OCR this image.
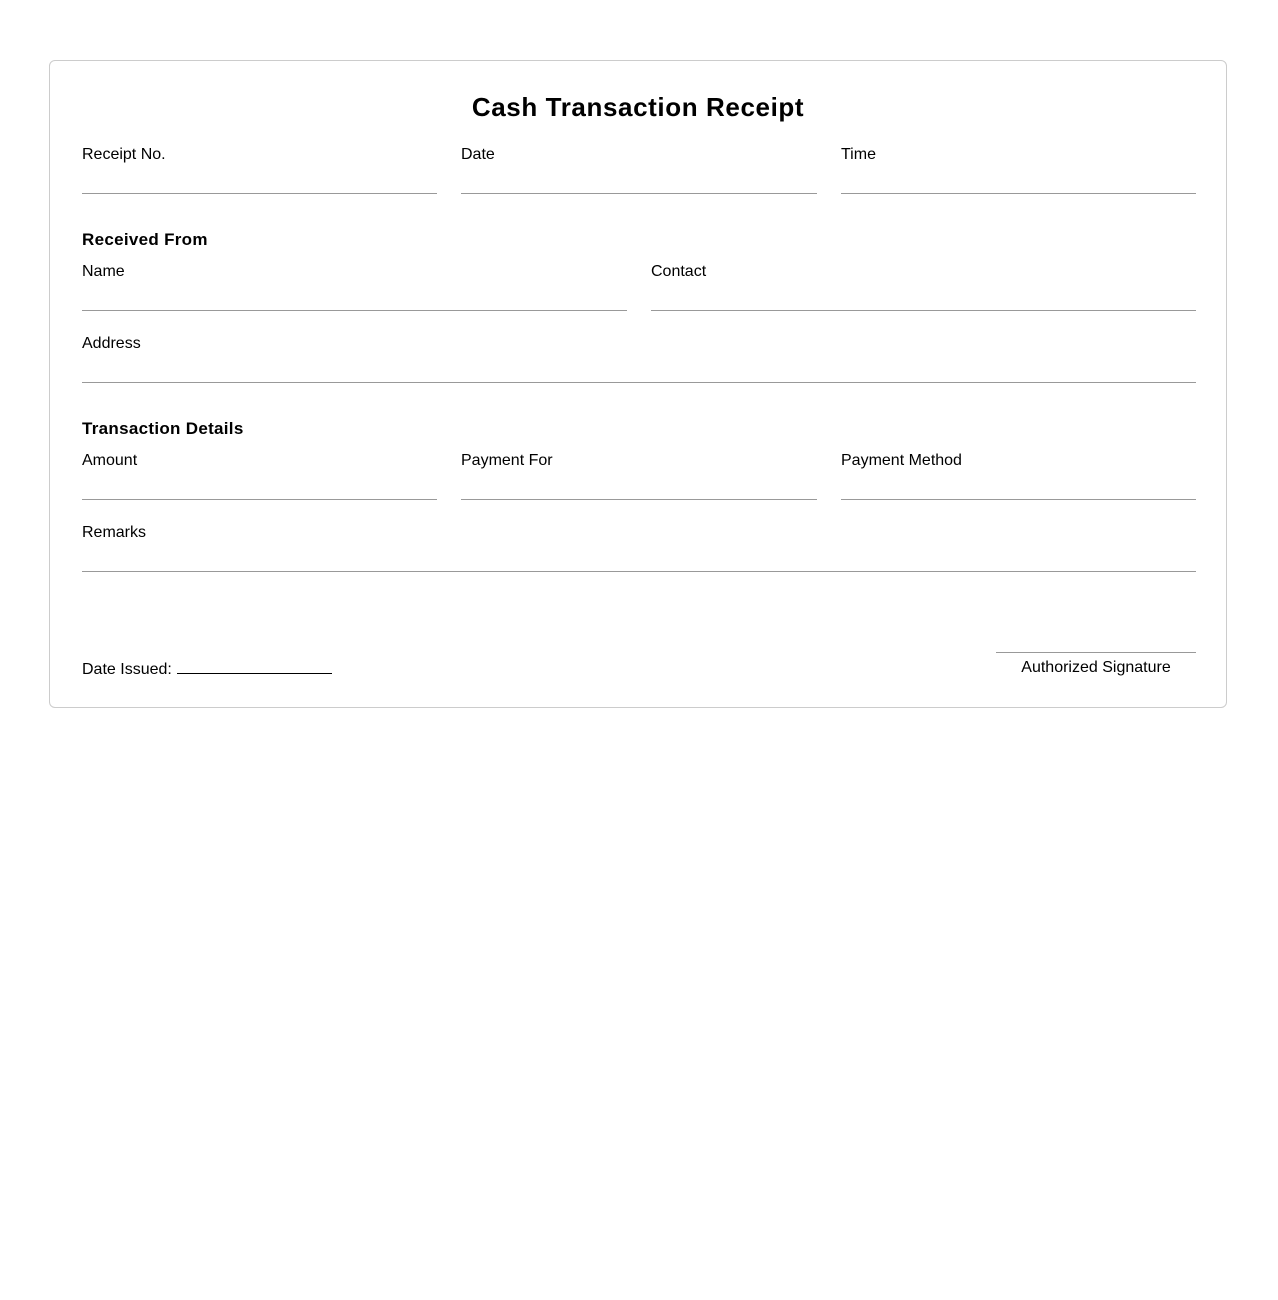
Cash Transaction Receipt
Receipt No.	Date	Time
Received From
Name	Contact
Address
Transaction Details
Amount	Payment For	Payment Method
Remarks
Date Issued:	Authorized Signature
